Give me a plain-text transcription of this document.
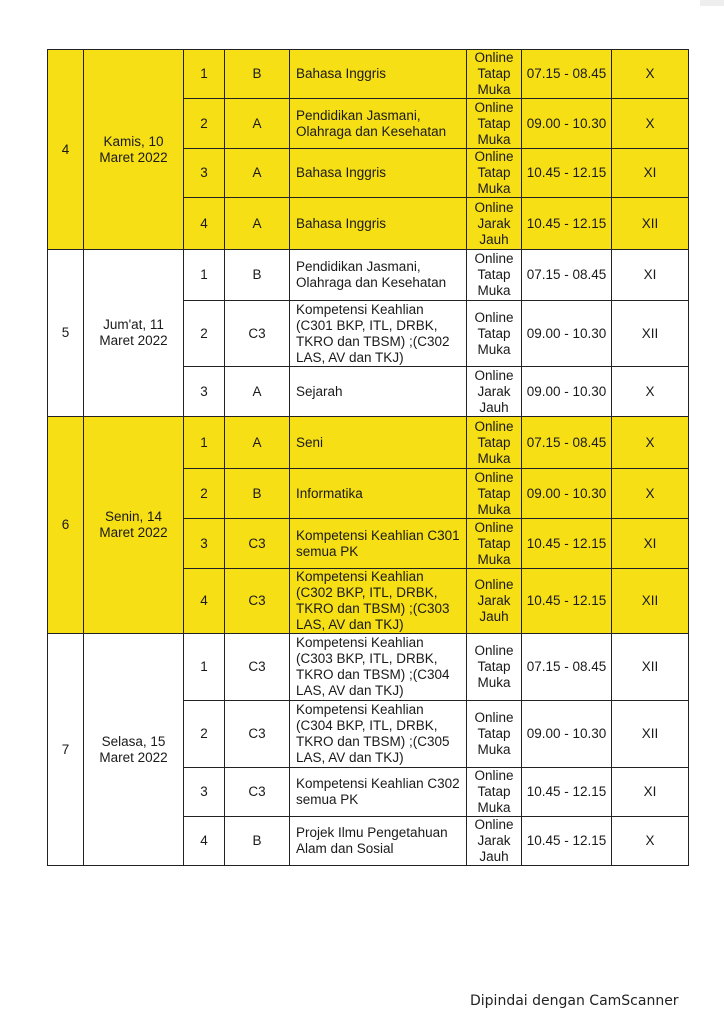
4	Kamis, 10 Maret 2022	1	B	Bahasa Inggris	Online Tatap Muka	07.15 - 08.45	X
		2	A	Pendidikan Jasmani, Olahraga dan Kesehatan	Online Tatap Muka	09.00 - 10.30	X
		3	A	Bahasa Inggris	Online Tatap Muka	10.45 - 12.15	XI
		4	A	Bahasa Inggris	Online Jarak Jauh	10.45 - 12.15	XII
5	Jum'at, 11 Maret 2022	1	B	Pendidikan Jasmani, Olahraga dan Kesehatan	Online Tatap Muka	07.15 - 08.45	XI
		2	C3	Kompetensi Keahlian (C301 BKP, ITL, DRBK, TKRO dan TBSM) ;(C302 LAS, AV dan TKJ)	Online Tatap Muka	09.00 - 10.30	XII
		3	A	Sejarah	Online Jarak Jauh	09.00 - 10.30	X
6	Senin, 14 Maret 2022	1	A	Seni	Online Tatap Muka	07.15 - 08.45	X
		2	B	Informatika	Online Tatap Muka	09.00 - 10.30	X
		3	C3	Kompetensi Keahlian C301 semua PK	Online Tatap Muka	10.45 - 12.15	XI
		4	C3	Kompetensi Keahlian (C302 BKP, ITL, DRBK, TKRO dan TBSM) ;(C303 LAS, AV dan TKJ)	Online Jarak Jauh	10.45 - 12.15	XII
7	Selasa, 15 Maret 2022	1	C3	Kompetensi Keahlian (C303 BKP, ITL, DRBK, TKRO dan TBSM) ;(C304 LAS, AV dan TKJ)	Online Tatap Muka	07.15 - 08.45	XII
		2	C3	Kompetensi Keahlian (C304 BKP, ITL, DRBK, TKRO dan TBSM) ;(C305 LAS, AV dan TKJ)	Online Tatap Muka	09.00 - 10.30	XII
		3	C3	Kompetensi Keahlian C302 semua PK	Online Tatap Muka	10.45 - 12.15	XI
		4	B	Projek Ilmu Pengetahuan Alam dan Sosial	Online Jarak Jauh	10.45 - 12.15	X
Dipindai dengan CamScanner
